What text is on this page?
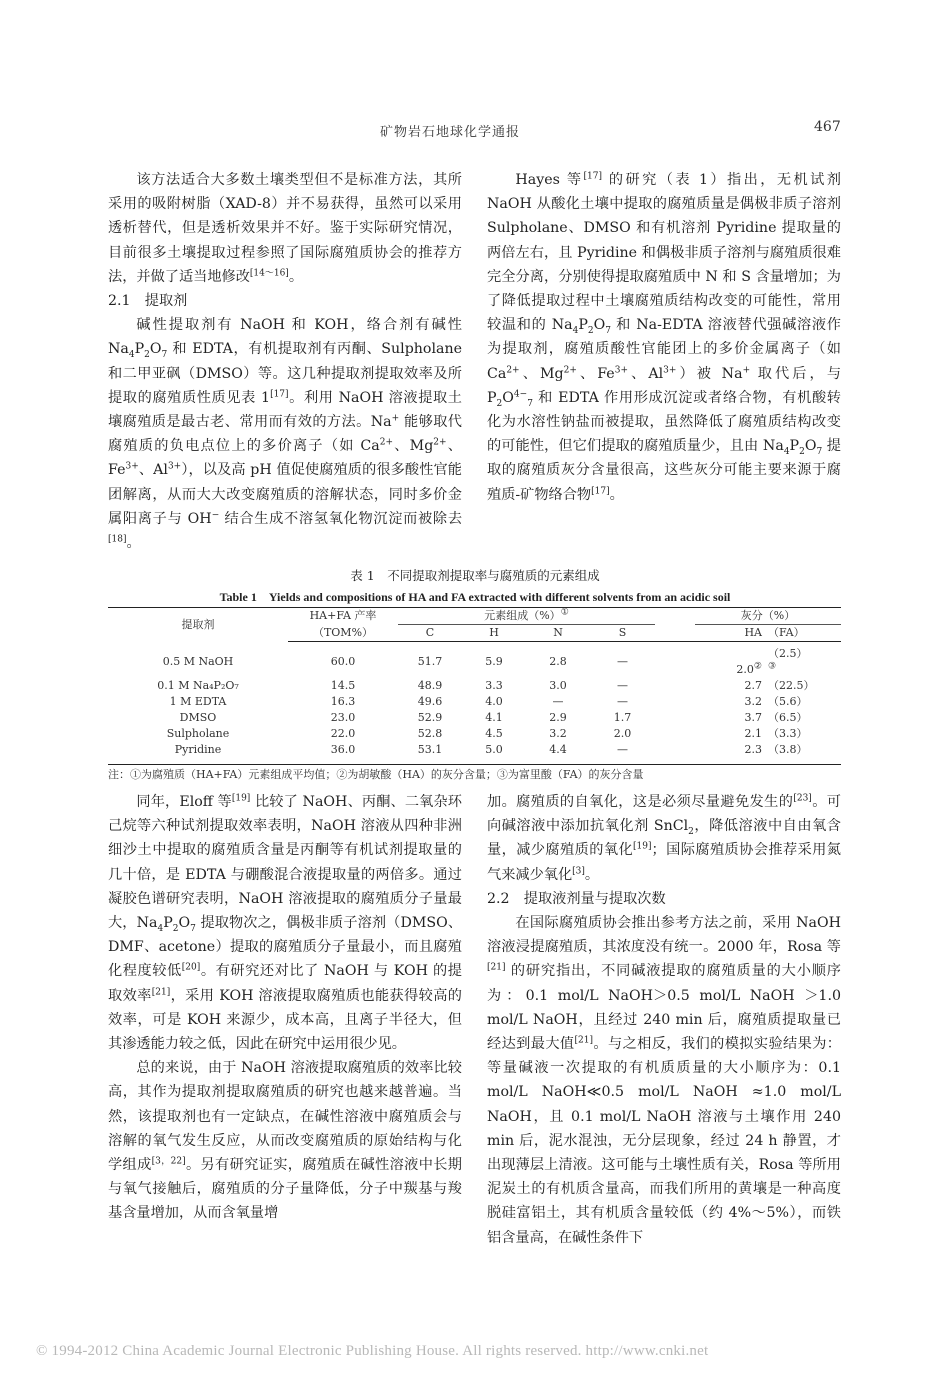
矿物岩石地球化学通报	467

该方法适合大多数土壤类型但不是标准方法，其所采用的吸附树脂（XAD-8）并不易获得，虽然可以采用透析替代，但是透析效果并不好。鉴于实际研究情况，目前很多土壤提取过程参照了国际腐殖质协会的推荐方法，并做了适当地修改[14～16]。

2.1　提取剂

碱性提取剂有 NaOH 和 KOH，络合剂有碱性 $Na_4P_2O_7$ 和 EDTA，有机提取剂有丙酮、Sulpholane 和二甲亚砜（DMSO）等。这几种提取剂提取效率及所提取的腐殖质性质见表 1[17]。利用 NaOH 溶液提取土壤腐殖质是最古老、常用而有效的方法。Na+ 能够取代腐殖质的负电点位上的多价离子（如 $Ca^{2+}$、$Mg^{2+}$、$Fe^{3+}$、$Al^{3+}$），以及高 pH 值促使腐殖质的很多酸性官能团解离，从而大大改变腐殖质的溶解状态，同时多价金属阳离子与 OH− 结合生成不溶氢氧化物沉淀而被除去[18]。

Hayes 等[17] 的研究（表 1）指出，无机试剂 NaOH 从酸化土壤中提取的腐殖质量是偶极非质子溶剂 Sulpholane、DMSO 和有机溶剂 Pyridine 提取量的两倍左右，且 Pyridine 和偶极非质子溶剂与腐殖质很难完全分离，分别使得提取腐殖质中 N 和 S 含量增加；为了降低提取过程中土壤腐殖质结构改变的可能性，常用较温和的 $Na_4P_2O_7$ 和 Na-EDTA 溶液替代强碱溶液作为提取剂，腐殖质酸性官能团上的多价金属离子（如 $Ca^{2+}$、$Mg^{2+}$、$Fe^{3+}$、$Al^{3+}$）被 Na+ 取代后，与 $P_2O^{4-}_7$ 和 EDTA 作用形成沉淀或者络合物，有机酸转化为水溶性钠盐而被提取，虽然降低了腐殖质结构改变的可能性，但它们提取的腐殖质量少，且由 $Na_4P_2O_7$ 提取的腐殖质灰分含量很高，这些灰分可能主要来源于腐殖质-矿物络合物[17]。

表 1　不同提取剂提取率与腐殖质的元素组成
Table 1　Yields and compositions of HA and FA extracted with different solvents from an acidic soil
提取剂	HA+FA 产率	元素组成（%）①					灰分（%）
	（TOM%）	C	H	N	S		HA （FA）

0.5 M NaOH	60.0	51.7	5.9	2.8	—		2.0②（2.5）③
0.1 M Na₄P₂O₇	14.5	48.9	3.3	3.0	—		2.7 （22.5）
1 M EDTA	16.3	49.6	4.0	—	—		3.2 （5.6）
DMSO	23.0	52.9	4.1	2.9	1.7		3.7 （6.5）
Sulpholane	22.0	52.8	4.5	3.2	2.0		2.1 （3.3）
Pyridine	36.0	53.1	5.0	4.4	—		2.3 （3.8）
注：①为腐殖质（HA+FA）元素组成平均值；②为胡敏酸（HA）的灰分含量；③为富里酸（FA）的灰分含量

同年，Eloff 等[19] 比较了 NaOH、丙酮、二氧杂环己烷等六种试剂提取效率表明，NaOH 溶液从四种非洲细沙土中提取的腐殖质含量是丙酮等有机试剂提取量的几十倍，是 EDTA 与硼酸混合液提取量的两倍多。通过凝胶色谱研究表明，NaOH 溶液提取的腐殖质分子量最大，$Na_4P_2O_7$ 提取物次之，偶极非质子溶剂（DMSO、DMF、acetone）提取的腐殖质分子量最小，而且腐殖化程度较低[20]。有研究还对比了 NaOH 与 KOH 的提取效率[21]，采用 KOH 溶液提取腐殖质也能获得较高的效率，可是 KOH 来源少，成本高，且离子半径大，但其渗透能力较之低，因此在研究中运用很少见。

总的来说，由于 NaOH 溶液提取腐殖质的效率比较高，其作为提取剂提取腐殖质的研究也越来越普遍。当然，该提取剂也有一定缺点，在碱性溶液中腐殖质会与溶解的氧气发生反应，从而改变腐殖质的原始结构与化学组成[3，22]。另有研究证实，腐殖质在碱性溶液中长期与氧气接触后，腐殖质的分子量降低，分子中羰基与羧基含量增加，从而含氧量增

加。腐殖质的自氧化，这是必须尽量避免发生的[23]。可向碱溶液中添加抗氧化剂 SnCl$_2$，降低溶液中自由氧含量，减少腐殖质的氧化[19]；国际腐殖质协会推荐采用氮气来减少氧化[3]。

2.2　提取液剂量与提取次数

在国际腐殖质协会推出参考方法之前，采用 NaOH 溶液浸提腐殖质，其浓度没有统一。2000 年，Rosa 等[21] 的研究指出，不同碱液提取的腐殖质量的大小顺序为：0.1 mol/L NaOH＞0.5 mol/L NaOH ＞1.0 mol/L NaOH，且经过 240 min 后，腐殖质提取量已经达到最大值[21]。与之相反，我们的模拟实验结果为：等量碱液一次提取的有机质质量的大小顺序为：0.1 mol/L NaOH≪0.5 mol/L NaOH ≈1.0 mol/L NaOH，且 0.1 mol/L NaOH 溶液与土壤作用 240 min 后，泥水混浊，无分层现象，经过 24 h 静置，才出现薄层上清液。这可能与土壤性质有关，Rosa 等所用泥炭土的有机质含量高，而我们所用的黄壤是一种高度脱硅富铝土，其有机质含量较低（约 4%～5%），而铁铝含量高，在碱性条件下

© 1994-2012 China Academic Journal Electronic Publishing House. All rights reserved. http://www.cnki.net
